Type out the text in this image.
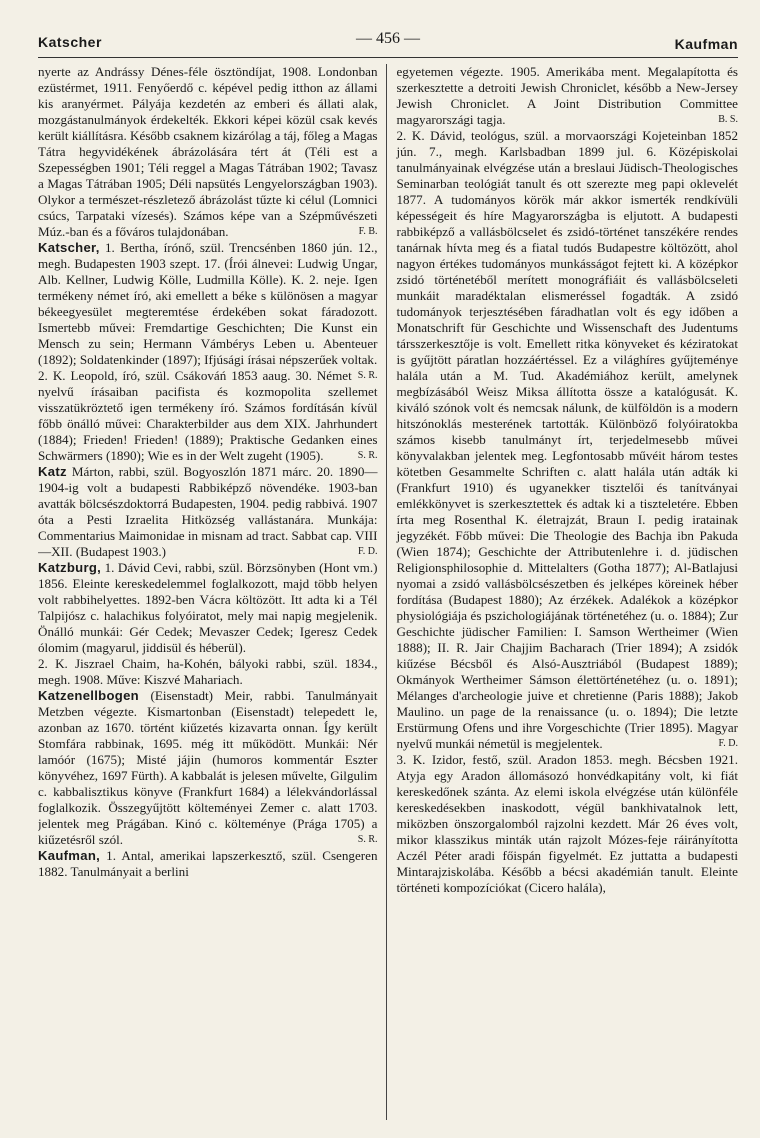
Katscher	— 456 —	Kaufman

nyerte az Andrássy Dénes-féle ösztöndíjat, 1908. Londonban ezüstérmet, 1911. Fenyőerdő c. képével pedig itthon az állami kis aranyérmet. Pályája kezdetén az emberi és állati alak, mozgástanulmányok érdekelték. Ekkori képei közül csak kevés került kiállításra. Később csaknem kizárólag a táj, főleg a Magas Tátra hegyvidékének ábrázolására tért át (Téli est a Szepességben 1901; Téli reggel a Magas Tátrában 1902; Tavasz a Magas Tátrában 1905; Déli napsütés Lengyelországban 1903). Olykor a természet-részletező ábrázolást tűzte ki célul (Lomnici csúcs, Tarpataki vízesés). Számos képe van a Szépművészeti Múz.-ban és a főváros tulajdonában.	F. B.

Katscher, 1. Bertha, írónő, szül. Trencsénben 1860 jún. 12., megh. Budapesten 1903 szept. 17. (Írói álnevei: Ludwig Ungar, Alb. Kellner, Ludwig Kölle, Ludmilla Kölle). K. 2. neje. Igen termékeny német író, aki emellett a béke s különösen a magyar békeegyesület megteremtése érdekében sokat fáradozott. Ismertebb művei: Fremdartige Geschichten; Die Kunst ein Mensch zu sein; Hermann Vámbérys Leben u. Abenteuer (1892); Soldatenkinder (1897); Ifjúsági írásai népszerűek voltak.
S. R.

2. K. Leopold, író, szül. Csákováń 1853 aaug. 30. Német nyelvű írásaiban pacifista és kozmopolita szellemet visszatükröztető igen termékeny író. Számos fordításán kívül főbb önálló művei: Charakterbilder aus dem XIX. Jahrhundert (1884); Frieden! Frieden! (1889); Praktische Gedanken eines Schwärmers (1890); Wie es in der Welt zugeht (1905).	S. R.

Katz Márton, rabbi, szül. Bogyoszlón 1871 márc. 20. 1890—1904-ig volt a budapesti Rabbiképző növendéke. 1903-ban avatták bölcsészdoktorrá Budapesten, 1904. pedig rabbivá. 1907 óta a Pesti Izraelita Hitközség vallástanára. Munkája: Commentarius Maimonidae in misnam ad tract. Sabbat cap. VIII—XII. (Budapest 1903.)	F. D.

Katzburg, 1. Dávid Cevi, rabbi, szül. Börzsönyben (Hont vm.) 1856. Eleinte kereskedelemmel foglalkozott, majd több helyen volt rabbihelyettes. 1892-ben Vácra költözött. Itt adta ki a Tél Talpijósz c. halachikus folyóiratot, mely mai napig megjelenik. Önálló munkái: Gér Cedek; Mevaszer Cedek; Igeresz Cedek ólomim (magyarul, jiddisül és héberül).

2. K. Jiszrael Chaim, ha-Kohén, bályoki rabbi, szül. 1834., megh. 1908. Műve: Kiszvé Mahariach.

Katzenellbogen (Eisenstadt) Meir, rabbi. Tanulmányait Metzben végezte. Kismartonban (Eisenstadt) telepedett le, azonban az 1670. történt kiűzetés kizavarta onnan. Így került Stomfára rabbinak, 1695. még itt működött. Munkái: Nér lamóór (1675); Misté jájin (humoros kommentár Eszter könyvéhez, 1697 Fürth). A kabbalát is jelesen művelte, Gilgulim c. kabbalisztikus könyve (Frankfurt 1684) a lélekvándorlással foglalkozik. Összegyűjtött költeményei Zemer c. alatt 1703. jelentek meg Prágában. Kinó c. költeménye (Prága 1705) a kiűzetésről szól.	S. R.

Kaufman, 1. Antal, amerikai lapszerkesztő, szül. Csengeren 1882. Tanulmányait a berlini

egyetemen végezte. 1905. Amerikába ment. Megalapította és szerkesztette a detroiti Jewish Chroniclet, később a New-Jersey Jewish Chroniclet. A Joint Distribution Committee magyarországi tagja.	B. S.

2. K. Dávid, teológus, szül. a morvaországi Kojeteinban 1852 jún. 7., megh. Karlsbadban 1899 jul. 6. Középiskolai tanulmányainak elvégzése után a breslaui Jüdisch-Theologisches Seminarban teológiát tanult és ott szerezte meg papi oklevelét 1877. A tudományos körök már akkor ismerték rendkívüli képességeit és híre Magyarországba is eljutott. A budapesti rabbiképző a vallásbölcselet és zsidó-történet tanszékére rendes tanárnak hívta meg és a fiatal tudós Budapestre költözött, ahol nagyon értékes tudományos munkásságot fejtett ki. A középkor zsidó történetéből merített monográfiáit és vallásbölcseleti munkáit maradéktalan elismeréssel fogadták. A zsidó tudományok terjesztésében fáradhatlan volt és egy időben a Monatschrift für Geschichte und Wissenschaft des Judentums társszerkesztője is volt. Emellett ritka könyveket és kéziratokat is gyűjtött páratlan hozzáértéssel. Ez a világhíres gyűjteménye halála után a M. Tud. Akadémiához került, amelynek megbízásából Weisz Miksa állította össze a katalógusát. K. kiváló szónok volt és nemcsak nálunk, de külföldön is a modern hitszónoklás mesterének tartották. Különböző folyóiratokba számos kisebb tanulmányt írt, terjedelmesebb művei könyvalakban jelentek meg. Legfontosabb művéit három testes kötetben Gesammelte Schriften c. alatt halála után adták ki (Frankfurt 1910) és ugyanekker tisztelői és tanítványai emlékkönyvet is szerkesztettek és adtak ki a tiszteletére. Ebben írta meg Rosenthal K. életrajzát, Braun I. pedig iratainak jegyzékét. Főbb művei: Die Theologie des Bachja ibn Pakuda (Wien 1874); Geschichte der Attributenlehre i. d. jüdischen Religionsphilosophie d. Mittelalters (Gotha 1877); Al-Batlajusi nyomai a zsidó vallásbölcsészetben és jelképes köreinek héber fordítása (Budapest 1880); Az érzékek. Adalékok a középkor physiológiája és pszichologiájának történetéhez (u. o. 1884); Zur Geschichte jüdischer Familien: I. Samson Wertheimer (Wien 1888); II. R. Jair Chajjim Bacharach (Trier 1894); A zsidók kiűzése Bécsből és Alsó-Ausztriából (Budapest 1889); Okmányok Wertheimer Sámson élettörténetéhez (u. o. 1891); Mélanges d'archeologie juive et chretienne (Paris 1888); Jakob Maulino. un page de la renaissance (u. o. 1894); Die letzte Erstürmung Ofens und ihre Vorgeschichte (Trier 1895). Magyar nyelvű munkái németül is megjelentek.	F. D.

3. K. Izidor, festő, szül. Aradon 1853. megh. Bécsben 1921. Atyja egy Aradon állomásozó honvédkapitány volt, ki fiát kereskedőnek szánta. Az elemi iskola elvégzése után különféle kereskedésekben inaskodott, végül bankhivatalnok lett, miközben önszorgalomból rajzolni kezdett. Már 26 éves volt, mikor klasszikus minták után rajzolt Mózes-feje ráirányította Aczél Péter aradi főispán figyelmét. Ez juttatta a budapesti Mintarajziskolába. Később a bécsi akadémián tanult. Eleinte történeti kompozíciókat (Cicero halála),
